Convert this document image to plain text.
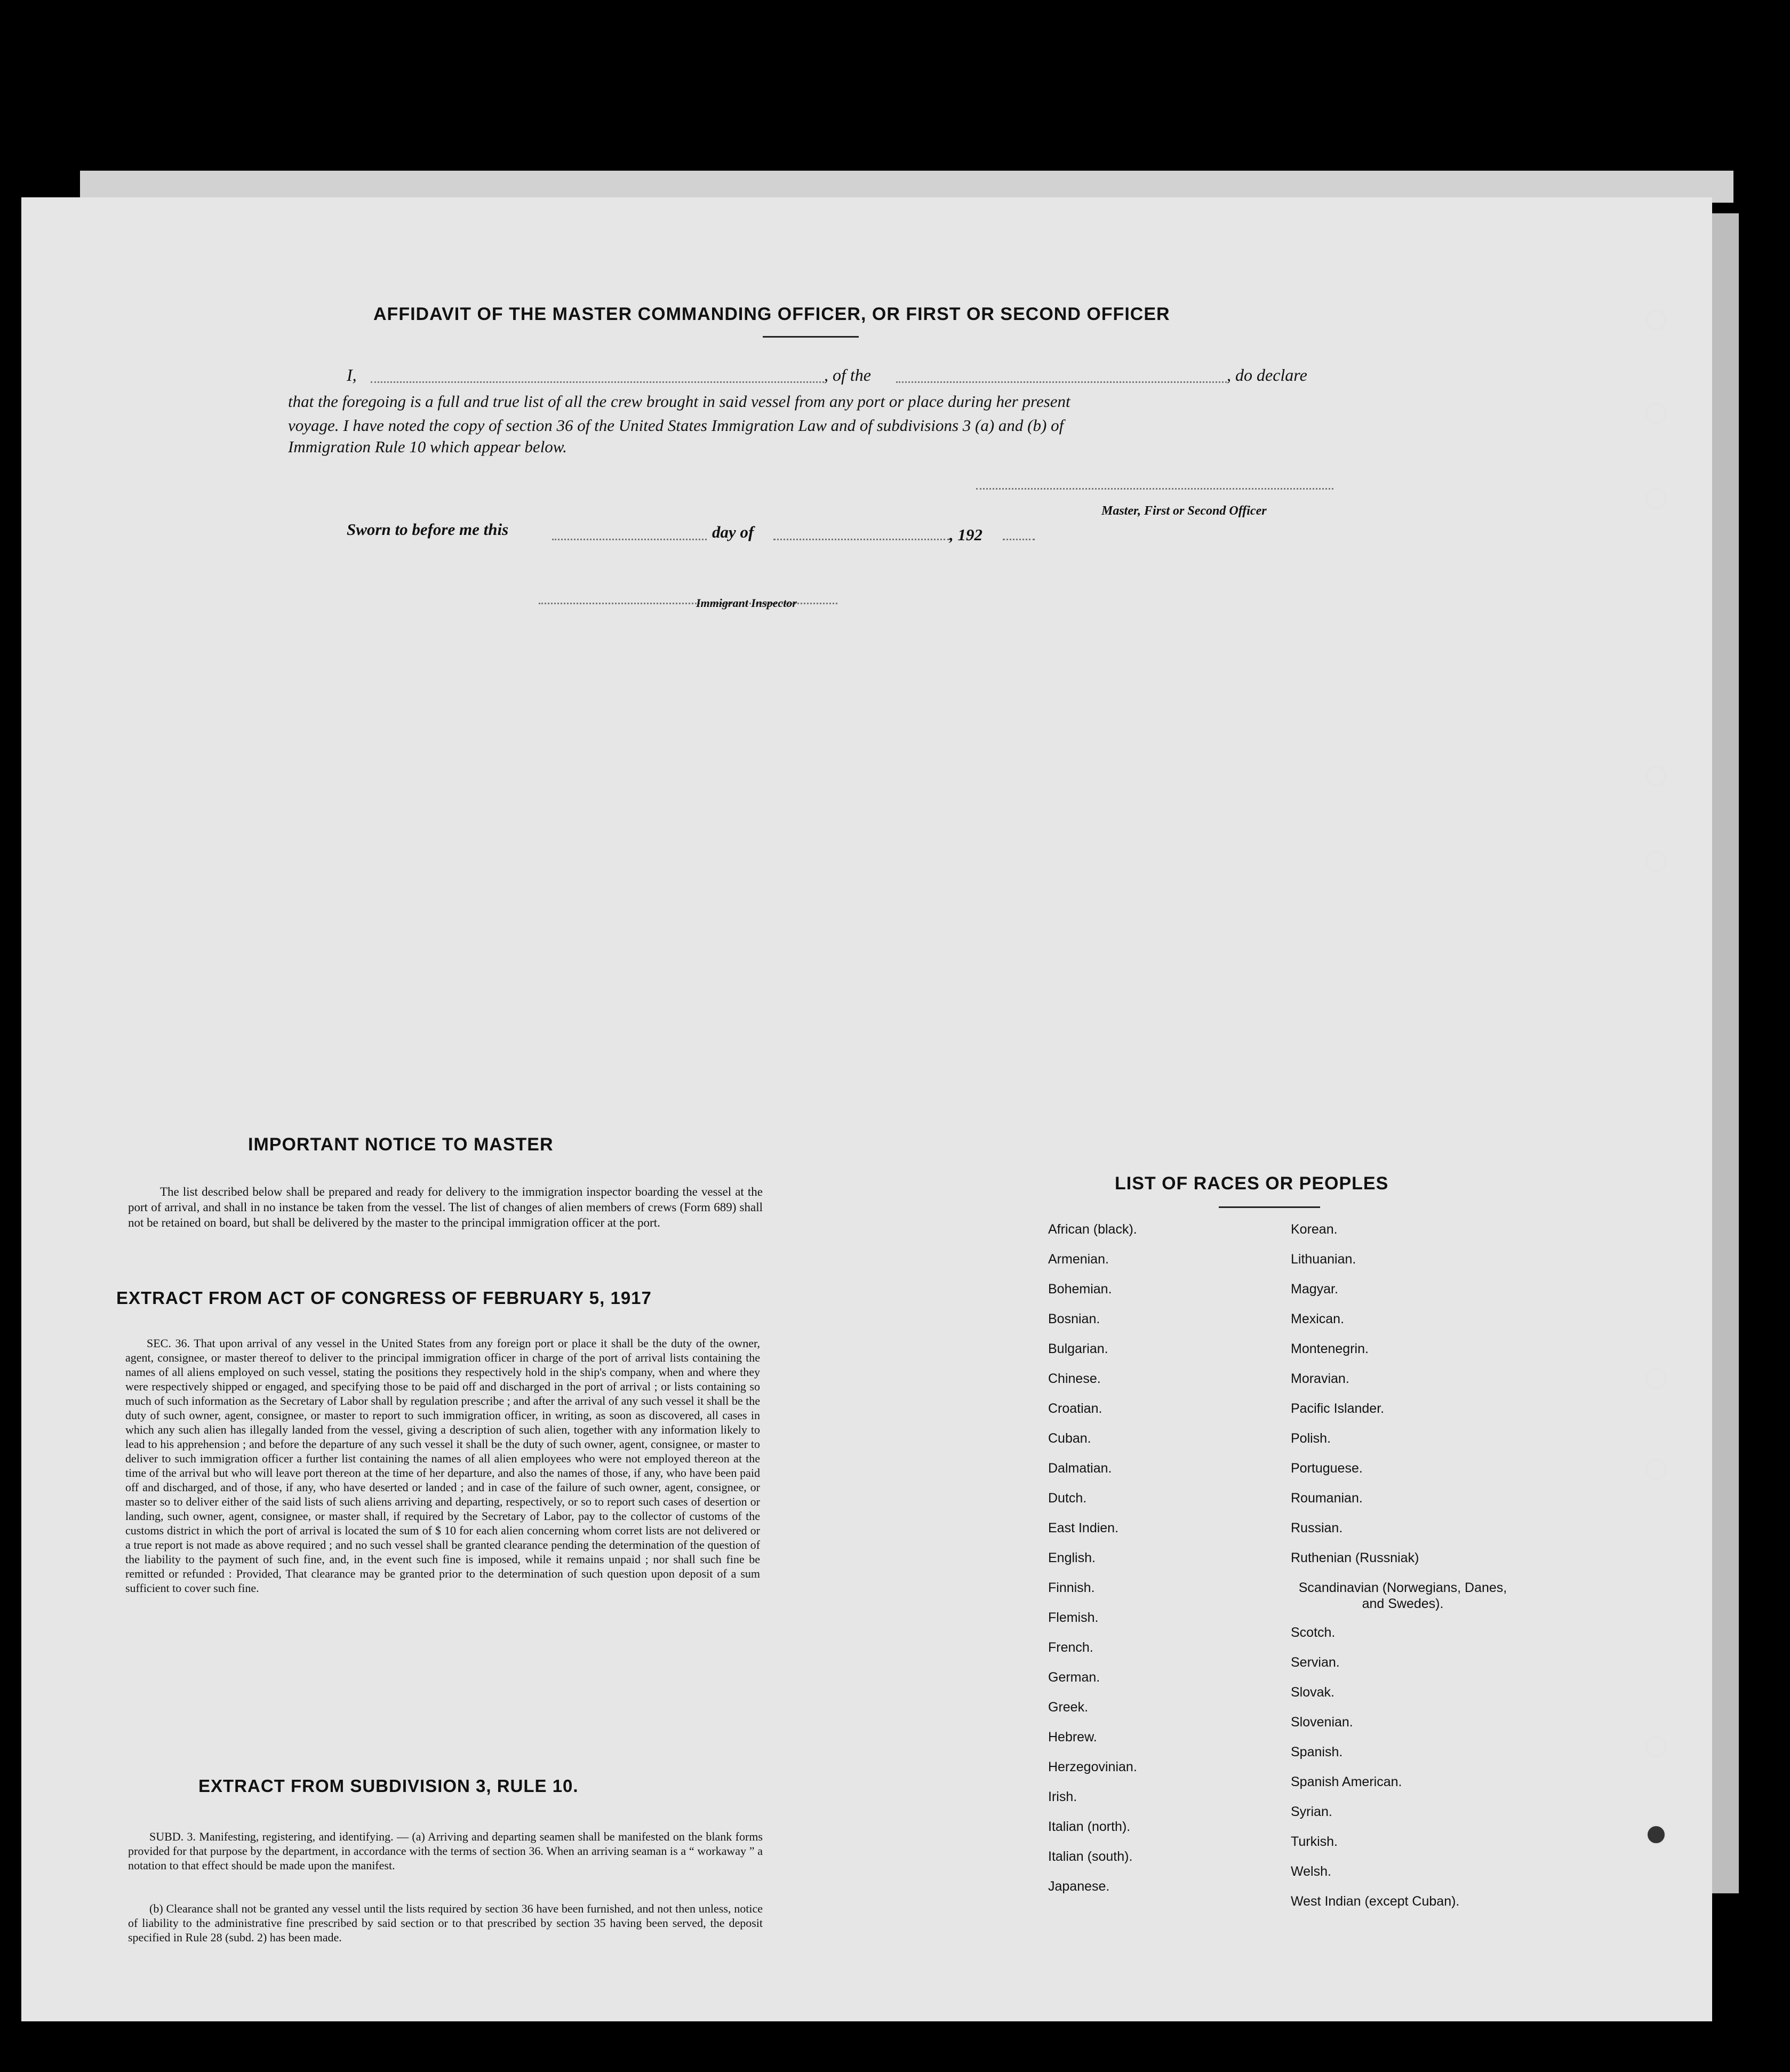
AFFIDAVIT OF THE MASTER COMMANDING OFFICER, OR FIRST OR SECOND OFFICER
I,	, of the	, do declare
that the foregoing is a full and true list of all the crew brought in said vessel from any port or place during her present
voyage. I have noted the copy of section 36 of the United States Immigration Law and of subdivisions 3 (a) and (b) of
Immigration Rule 10 which appear below.
Master, First or Second Officer
Sworn to before me this	day of	, 192
Immigrant Inspector
IMPORTANT NOTICE TO MASTER
The list described below shall be prepared and ready for delivery to the immigration inspector boarding the vessel at the port of arrival, and shall in no instance be taken from the vessel. The list of changes of alien members of crews (Form 689) shall not be retained on board, but shall be delivered by the master to the principal immigration officer at the port.
EXTRACT FROM ACT OF CONGRESS OF FEBRUARY 5, 1917
SEC. 36. That upon arrival of any vessel in the United States from any foreign port or place it shall be the duty of the owner, agent, consignee, or master thereof to deliver to the principal immigration officer in charge of the port of arrival lists containing the names of all aliens employed on such vessel, stating the positions they respectively hold in the ship's company, when and where they were respectively shipped or engaged, and specifying those to be paid off and discharged in the port of arrival ; or lists containing so much of such information as the Secretary of Labor shall by regulation prescribe ; and after the arrival of any such vessel it shall be the duty of such owner, agent, consignee, or master to report to such immigration officer, in writing, as soon as discovered, all cases in which any such alien has illegally landed from the vessel, giving a description of such alien, together with any information likely to lead to his apprehension ; and before the departure of any such vessel it shall be the duty of such owner, agent, consignee, or master to deliver to such immigration officer a further list containing the names of all alien employees who were not employed thereon at the time of the arrival but who will leave port thereon at the time of her departure, and also the names of those, if any, who have been paid off and discharged, and of those, if any, who have deserted or landed ; and in case of the failure of such owner, agent, consignee, or master so to deliver either of the said lists of such aliens arriving and departing, respectively, or so to report such cases of desertion or landing, such owner, agent, consignee, or master shall, if required by the Secretary of Labor, pay to the collector of customs of the customs district in which the port of arrival is located the sum of $ 10 for each alien concerning whom corret lists are not delivered or a true report is not made as above required ; and no such vessel shall be granted clearance pending the determination of the question of the liability to the payment of such fine, and, in the event such fine is imposed, while it remains unpaid ; nor shall such fine be remitted or refunded : Provided, That clearance may be granted prior to the determination of such question upon deposit of a sum sufficient to cover such fine.
EXTRACT FROM SUBDIVISION 3, RULE 10.
SUBD. 3. Manifesting, registering, and identifying. — (a) Arriving and departing seamen shall be manifested on the blank forms provided for that purpose by the department, in accordance with the terms of section 36. When an arriving seaman is a “ workaway ” a notation to that effect should be made upon the manifest.
(b) Clearance shall not be granted any vessel until the lists required by section 36 have been furnished, and not then unless, notice of liability to the administrative fine prescribed by said section or to that prescribed by section 35 having been served, the deposit specified in Rule 28 (subd. 2) has been made.
LIST OF RACES OR PEOPLES
African (black).
Armenian.
Bohemian.
Bosnian.
Bulgarian.
Chinese.
Croatian.
Cuban.
Dalmatian.
Dutch.
East Indien.
English.
Finnish.
Flemish.
French.
German.
Greek.
Hebrew.
Herzegovinian.
Irish.
Italian (north).
Italian (south).
Japanese.
Korean.
Lithuanian.
Magyar.
Mexican.
Montenegrin.
Moravian.
Pacific Islander.
Polish.
Portuguese.
Roumanian.
Russian.
Ruthenian (Russniak)
Scandinavian (Norwegians, Danes, and Swedes).
Scotch.
Servian.
Slovak.
Slovenian.
Spanish.
Spanish American.
Syrian.
Turkish.
Welsh.
West Indian (except Cuban).
